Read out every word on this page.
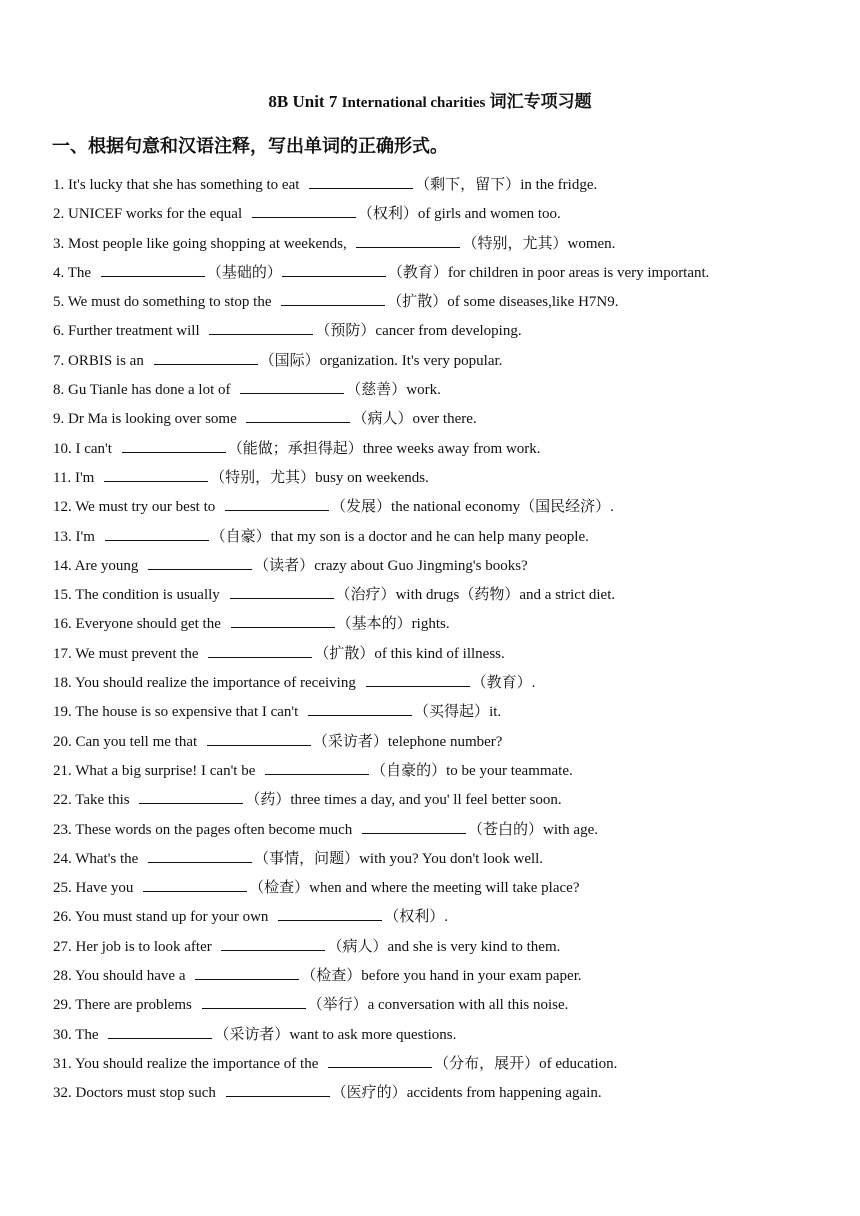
8B Unit 7 International charities 词汇专项习题
一、根据句意和汉语注释，写出单词的正确形式。
1. It's lucky that she has something to eat	（剩下，留下）in the fridge.
2. UNICEF works for the equal	（权利）of girls and women too.
3. Most people like going shopping at weekends,	（特别，尤其）women.
4. The	（基础的）	（教育）for children in poor areas is very important.
5. We must do something to stop the	（扩散）of some diseases,like H7N9.
6. Further treatment will	（预防）cancer from developing.
7. ORBIS is an	（国际）organization. It's very popular.
8. Gu Tianle has done a lot of	（慈善）work.
9. Dr Ma is looking over some	（病人）over there.
10. I can't	（能做；承担得起）three weeks away from work.
11. I'm	（特别，尤其）busy on weekends.
12. We must try our best to	（发展）the national economy（国民经济）.
13. I'm	（自豪）that my son is a doctor and he can help many people.
14. Are young	（读者）crazy about Guo Jingming's books?
15. The condition is usually	（治疗）with drugs（药物）and a strict diet.
16. Everyone should get the	（基本的）rights.
17. We must prevent the	（扩散）of this kind of illness.
18. You should realize the importance of receiving	（教育）.
19. The house is so expensive that I can't	（买得起）it.
20. Can you tell me that	（采访者）telephone number?
21. What a big surprise! I can't be	（自豪的）to be your teammate.
22. Take this	（药）three times a day, and you' ll feel better soon.
23. These words on the pages often become much	（苍白的）with age.
24. What's the	（事情，问题）with you? You don't look well.
25. Have you	（检查）when and where the meeting will take place?
26. You must stand up for your own	（权利）.
27. Her job is to look after	（病人）and she is very kind to them.
28. You should have a	（检查）before you hand in your exam paper.
29. There are problems	（举行）a conversation with all this noise.
30. The	（采访者）want to ask more questions.
31. You should realize the importance of the	（分布，展开）of education.
32. Doctors must stop such	（医疗的）accidents from happening again.
